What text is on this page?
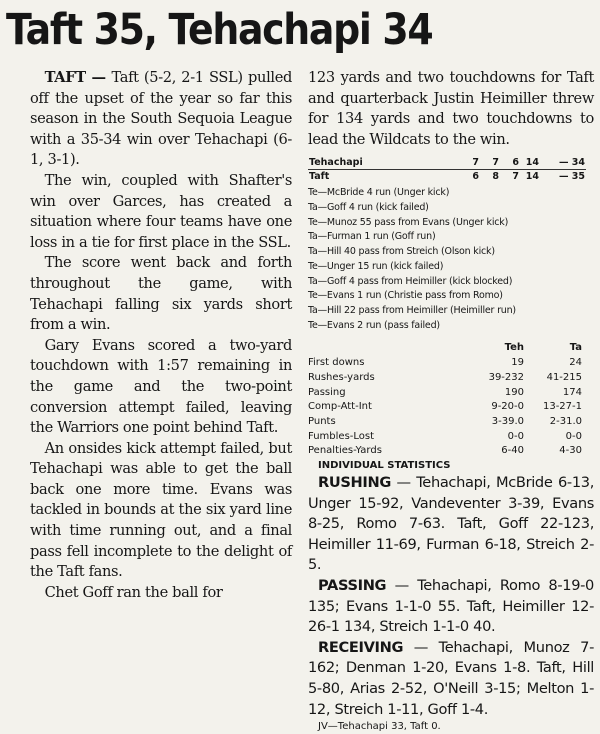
Taft 35, Tehachapi 34

TAFT — Taft (5-2, 2-1 SSL) pulled off the upset of the year so far this season in the South Sequoia League with a 35-34 win over Tehachapi (6-1, 3-1).

The win, coupled with Shafter's win over Garces, has created a situation where four teams have one loss in a tie for first place in the SSL.

The score went back and forth throughout the game, with Tehachapi falling six yards short from a win.

Gary Evans scored a two-yard touchdown with 1:57 remaining in the game and the two-point conversion attempt failed, leaving the Warriors one point behind Taft.

An onsides kick attempt failed, but Tehachapi was able to get the ball back one more time. Evans was tackled in bounds at the six yard line with time running out, and a final pass fell incomplete to the delight of the Taft fans.

Chet Goff ran the ball for

123 yards and two touchdowns for Taft and quarterback Justin Heimiller threw for 134 yards and two touchdowns to lead the Wildcats to the win.

Tehachapi	7	7	6	14	— 34
Taft	6	8	7	14	— 35
Te—McBride 4 run (Unger kick)
Ta—Goff 4 run (kick failed)
Te—Munoz 55 pass from Evans (Unger kick)
Ta—Furman 1 run (Goff run)
Ta—Hill 40 pass from Streich (Olson kick)
Te—Unger 15 run (kick failed)
Ta—Goff 4 pass from Heimiller (kick blocked)
Te—Evans 1 run (Christie pass from Romo)
Ta—Hill 22 pass from Heimiller (Heimiller run)
Te—Evans 2 run (pass failed)
	Teh	Ta
First downs	19	24
Rushes-yards	39-232	41-215
Passing	190	174
Comp-Att-Int	9-20-0	13-27-1
Punts	3-39.0	2-31.0
Fumbles-Lost	0-0	0-0
Penalties-Yards	6-40	4-30
INDIVIDUAL STATISTICS

RUSHING — Tehachapi, McBride 6-13, Unger 15-92, Vandeventer 3-39, Evans 8-25, Romo 7-63. Taft, Goff 22-123, Heimiller 11-69, Furman 6-18, Streich 2-5.

PASSING — Tehachapi, Romo 8-19-0 135; Evans 1-1-0 55. Taft, Heimiller 12-26-1 134, Streich 1-1-0 40.

RECEIVING — Tehachapi, Munoz 7-162; Denman 1-20, Evans 1-8. Taft, Hill 5-80, Arias 2-52, O'Neill 3-15; Melton 1-12, Streich 1-11, Goff 1-4.

JV—Tehachapi 33, Taft 0.
